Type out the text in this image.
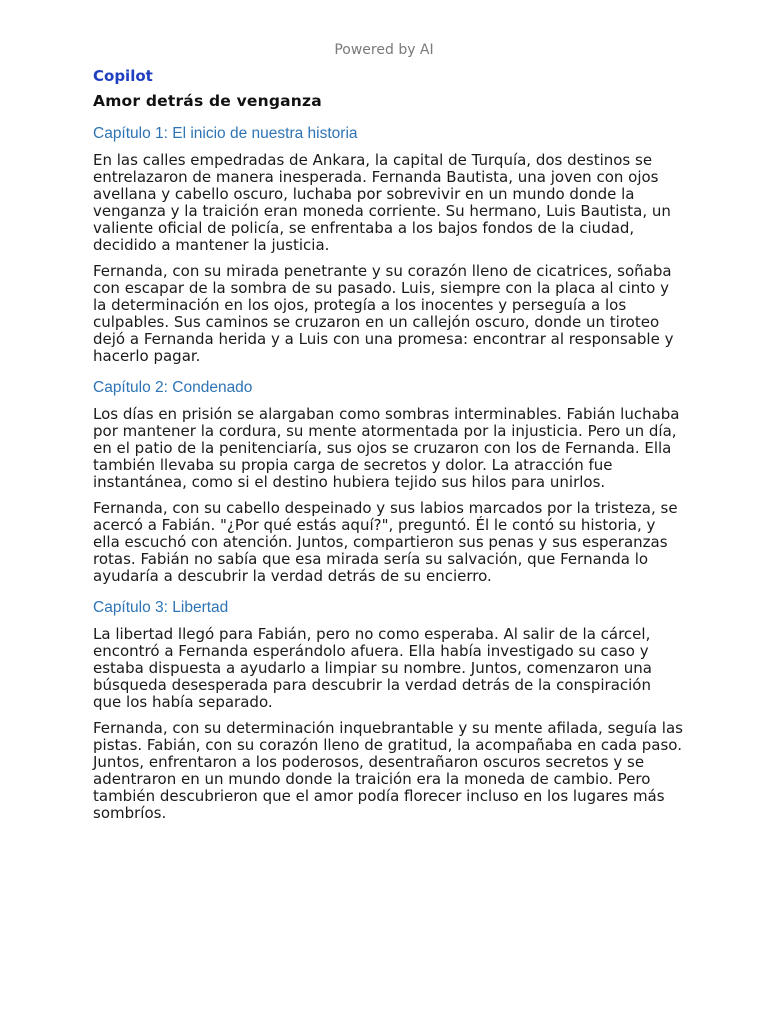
Powered by AI
Copilot
Amor detrás de venganza
Capítulo 1: El inicio de nuestra historia

En las calles empedradas de Ankara, la capital de Turquía, dos destinos se entrelazaron de manera inesperada. Fernanda Bautista, una joven con ojos avellana y cabello oscuro, luchaba por sobrevivir en un mundo donde la venganza y la traición eran moneda corriente. Su hermano, Luis Bautista, un valiente oficial de policía, se enfrentaba a los bajos fondos de la ciudad, decidido a mantener la justicia.

Fernanda, con su mirada penetrante y su corazón lleno de cicatrices, soñaba con escapar de la sombra de su pasado. Luis, siempre con la placa al cinto y la determinación en los ojos, protegía a los inocentes y perseguía a los culpables. Sus caminos se cruzaron en un callejón oscuro, donde un tiroteo dejó a Fernanda herida y a Luis con una promesa: encontrar al responsable y hacerlo pagar.

Capítulo 2: Condenado

Los días en prisión se alargaban como sombras interminables. Fabián luchaba por mantener la cordura, su mente atormentada por la injusticia. Pero un día, en el patio de la penitenciaría, sus ojos se cruzaron con los de Fernanda. Ella también llevaba su propia carga de secretos y dolor. La atracción fue instantánea, como si el destino hubiera tejido sus hilos para unirlos.

Fernanda, con su cabello despeinado y sus labios marcados por la tristeza, se acercó a Fabián. "¿Por qué estás aquí?", preguntó. Él le contó su historia, y ella escuchó con atención. Juntos, compartieron sus penas y sus esperanzas rotas. Fabián no sabía que esa mirada sería su salvación, que Fernanda lo ayudaría a descubrir la verdad detrás de su encierro.

Capítulo 3: Libertad

La libertad llegó para Fabián, pero no como esperaba. Al salir de la cárcel, encontró a Fernanda esperándolo afuera. Ella había investigado su caso y estaba dispuesta a ayudarlo a limpiar su nombre. Juntos, comenzaron una búsqueda desesperada para descubrir la verdad detrás de la conspiración que los había separado.

Fernanda, con su determinación inquebrantable y su mente afilada, seguía las pistas. Fabián, con su corazón lleno de gratitud, la acompañaba en cada paso. Juntos, enfrentaron a los poderosos, desentrañaron oscuros secretos y se adentraron en un mundo donde la traición era la moneda de cambio. Pero también descubrieron que el amor podía florecer incluso en los lugares más sombríos.
